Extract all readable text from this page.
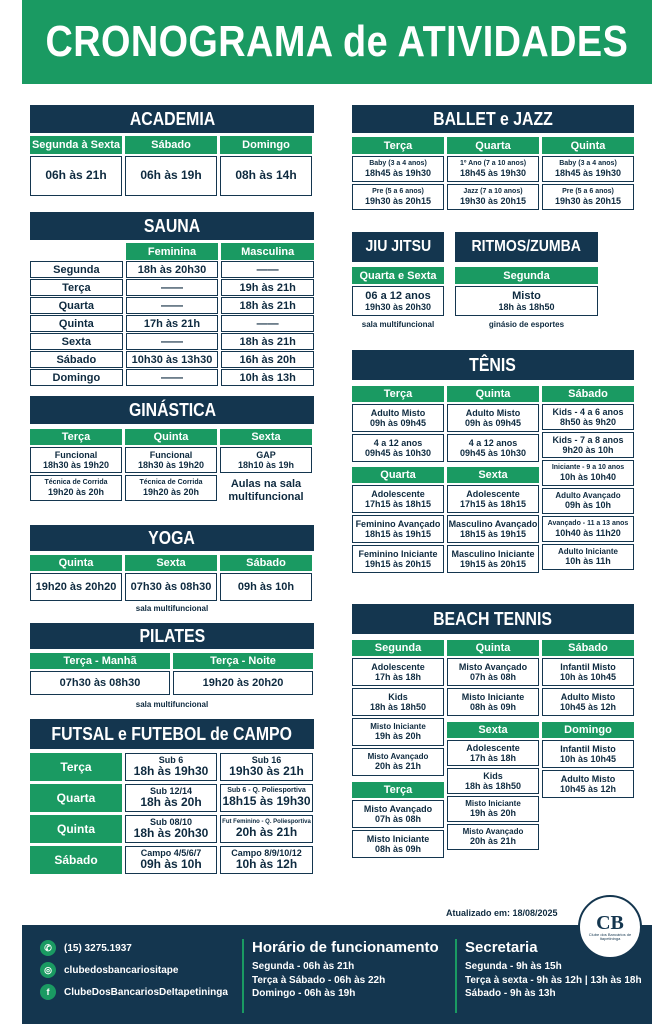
CRONOGRAMA de ATIVIDADES
ACADEMIA
Segunda à Sexta
06h às 21h
Sábado
06h às 19h
Domingo
08h às 14h
SAUNA
Feminina	Masculina
Segunda	18h às 20h30	——
Terça	——	19h às 21h
Quarta	——	18h às 21h
Quinta	17h às 21h	——
Sexta	——	18h às 21h
Sábado	10h30 às 13h30	16h às 20h
Domingo	——	10h às 13h
GINÁSTICA
Terça
Funcional
18h30 às 19h20
Técnica de Corrida
19h20 às 20h
Quinta
Funcional
18h30 às 19h20
Técnica de Corrida
19h20 às 20h
Sexta
GAP
18h10 às 19h
Aulas na sala
multifuncional
YOGA
Quinta
19h20 às 20h20
Sexta
07h30 às 08h30
Sábado
09h às 10h
sala multifuncional
PILATES
Terça - Manhã
07h30 às 08h30
Terça - Noite
19h20 às 20h20
sala multifuncional
FUTSAL e FUTEBOL de CAMPO
Terça
Sub 6
18h às 19h30
Sub 16
19h30 às 21h
Quarta
Sub 12/14
18h às 20h
Sub 6 - Q. Poliesportiva
18h15 às 19h30
Quinta
Sub 08/10
18h às 20h30
Fut Feminino - Q. Poliesportiva
20h às 21h
Sábado
Campo 4/5/6/7
09h às 10h
Campo 8/9/10/12
10h às 12h
BALLET e JAZZ
Terça
Baby (3 a 4 anos)
18h45 às 19h30
Pre (5 a 6 anos)
19h30 às 20h15
Quarta
1º Ano (7 a 10 anos)
18h45 às 19h30
Jazz (7 a 10 anos)
19h30 às 20h15
Quinta
Baby (3 a 4 anos)
18h45 às 19h30
Pre (5 a 6 anos)
19h30 às 20h15
JIU JITSU
Quarta e Sexta
06 a 12 anos
19h30 às 20h30
sala multifuncional
RITMOS/ZUMBA
Segunda
Misto
18h às 18h50
ginásio de esportes
TÊNIS
Terça
Adulto Misto
09h às 09h45
4 a 12 anos
09h45 às 10h30
Quarta
Adolescente
17h15 às 18h15
Feminino Avançado
18h15 às 19h15
Feminino Iniciante
19h15 às 20h15
Quinta
Adulto Misto
09h às 09h45
4 a 12 anos
09h45 às 10h30
Sexta
Adolescente
17h15 às 18h15
Masculino Avançado
18h15 às 19h15
Masculino Iniciante
19h15 às 20h15
Sábado
Kids - 4 a 6 anos
8h50 às 9h20
Kids - 7 a 8 anos
9h20 às 10h
Iniciante - 9 a 10 anos
10h às 10h40
Adulto Avançado
09h às 10h
Avançado - 11 a 13 anos
10h40 às 11h20
Adulto Iniciante
10h às 11h
BEACH TENNIS
Segunda
Adolescente
17h às 18h
Kids
18h às 18h50
Misto Iniciante
19h às 20h
Misto Avançado
20h às 21h
Terça
Misto Avançado
07h às 08h
Misto Iniciante
08h às 09h
Quinta
Misto Avançado
07h às 08h
Misto Iniciante
08h às 09h
Sexta
Adolescente
17h às 18h
Kids
18h às 18h50
Misto Iniciante
19h às 20h
Misto Avançado
20h às 21h
Sábado
Infantil Misto
10h às 10h45
Adulto Misto
10h45 às 12h
Domingo
Infantil Misto
10h às 10h45
Adulto Misto
10h45 às 12h
Atualizado em: 18/08/2025 CB
Clube dos Bancários de Itapetininga
✆	(15) 3275.1937
◎	clubedosbancariositape
f	ClubeDosBancariosDeItapetininga
Horário de funcionamento
Segunda - 06h às 21h
Terça à Sábado - 06h às 22h
Domingo - 06h às 19h
Secretaria
Segunda - 9h às 15h
Terça à sexta - 9h às 12h | 13h às 18h
Sábado - 9h às 13h
